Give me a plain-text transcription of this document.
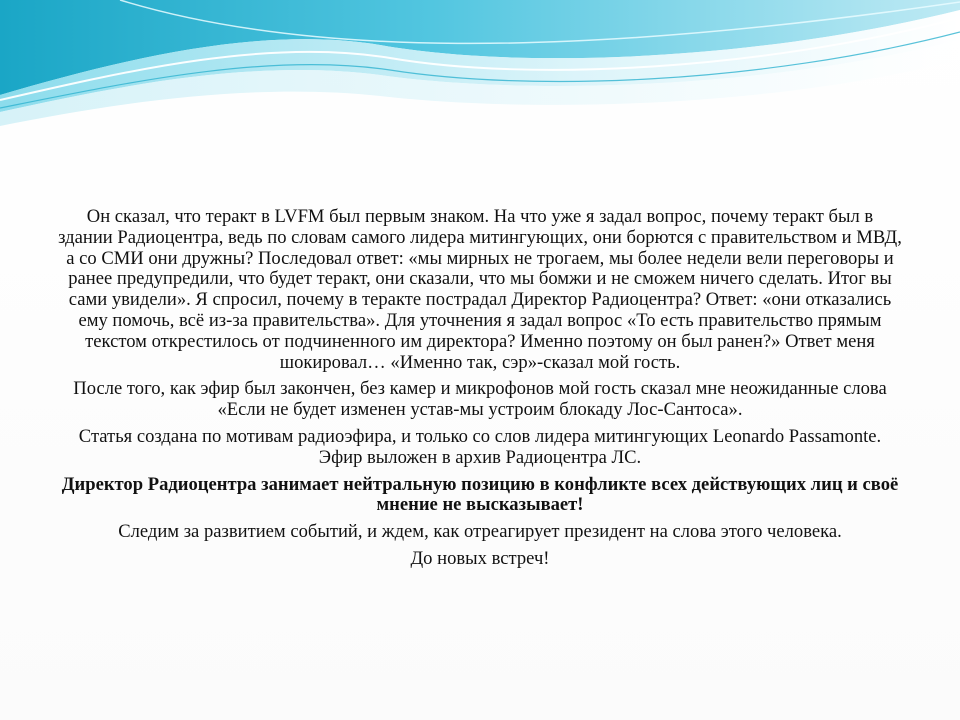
Он сказал, что теракт в LVFM был первым знаком. На что уже я задал вопрос, почему теракт был в здании Радиоцентра, ведь по словам самого лидера митингующих, они борются с правительством и МВД, а со СМИ они дружны? Последовал ответ: «мы мирных не трогаем, мы более недели вели переговоры и ранее предупредили, что будет теракт, они сказали, что мы бомжи и не сможем ничего сделать. Итог вы сами увидели». Я спросил, почему в теракте пострадал Директор Радиоцентра? Ответ: «они отказались ему помочь, всё из-за правительства». Для уточнения я задал вопрос «То есть правительство прямым текстом открестилось от подчиненного им директора? Именно поэтому он был ранен?» Ответ меня шокировал… «Именно так, сэр»-сказал мой гость.

После того, как эфир был закончен, без камер и микрофонов мой гость сказал мне неожиданные слова «Если не будет изменен устав-мы устроим блокаду Лос-Сантоса».

Статья создана по мотивам радиоэфира, и только со слов лидера митингующих Leonardo Passamonte. Эфир выложен в архив Радиоцентра ЛС.

Директор Радиоцентра занимает нейтральную позицию в конфликте всех действующих лиц и своё мнение не высказывает!

Следим за развитием событий, и ждем, как отреагирует президент на слова этого человека.

До новых встреч!
